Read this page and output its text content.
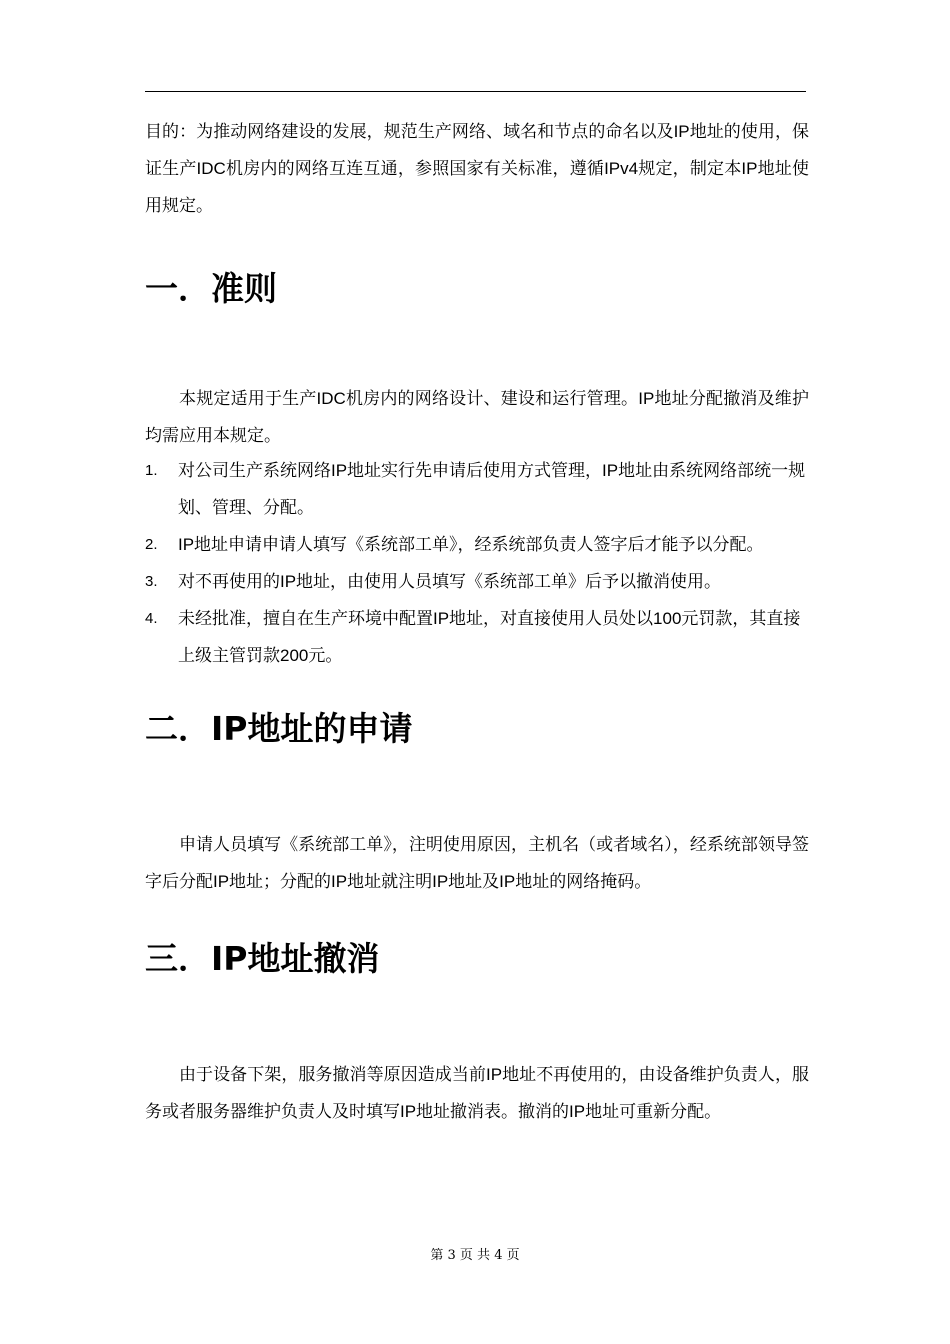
目的：为推动网络建设的发展，规范生产网络、域名和节点的命名以及IP地址的使用，保证生产IDC机房内的网络互连互通，参照国家有关标准，遵循IPv4规定，制定本IP地址使用规定。

一．准则

本规定适用于生产IDC机房内的网络设计、建设和运行管理。IP地址分配撤消及维护均需应用本规定。

1. 对公司生产系统网络IP地址实行先申请后使用方式管理，IP地址由系统网络部统一规划、管理、分配。
2. IP地址申请申请人填写《系统部工单》，经系统部负责人签字后才能予以分配。
3. 对不再使用的IP地址，由使用人员填写《系统部工单》后予以撤消使用。
4. 未经批准，擅自在生产环境中配置IP地址，对直接使用人员处以100元罚款，其直接上级主管罚款200元。
二．IP地址的申请

申请人员填写《系统部工单》，注明使用原因，主机名（或者域名），经系统部领导签字后分配IP地址；分配的IP地址就注明IP地址及IP地址的网络掩码。

三．IP地址撤消

由于设备下架，服务撤消等原因造成当前IP地址不再使用的，由设备维护负责人，服务或者服务器维护负责人及时填写IP地址撤消表。撤消的IP地址可重新分配。

第 3 页 共 4 页
